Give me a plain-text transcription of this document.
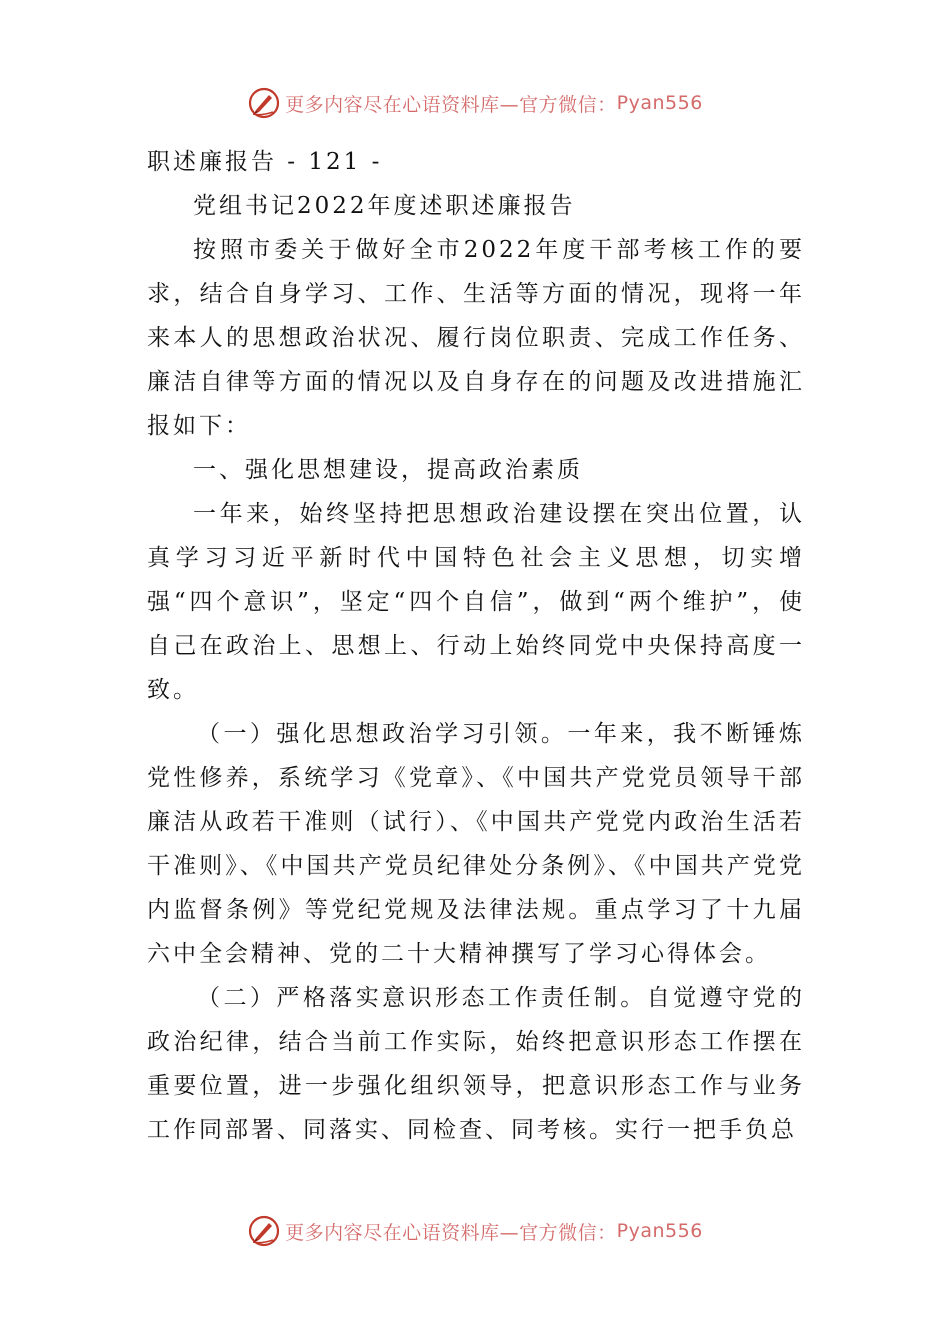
更多内容尽在心语资料库—官方微信： Pyan556

职述廉报告 - 121 -

党组书记2022年度述职述廉报告

按照市委关于做好全市2022年度干部考核工作的要求，结合自身学习、工作、生活等方面的情况，现将一年来本人的思想政治状况、履行岗位职责、完成工作任务、廉洁自律等方面的情况以及自身存在的问题及改进措施汇报如下：

一、强化思想建设，提高政治素质

一年来，始终坚持把思想政治建设摆在突出位置，认真学习习近平新时代中国特色社会主义思想，切实增强“四个意识”，坚定“四个自信”，做到“两个维护”，使自己在政治上、思想上、行动上始终同党中央保持高度一致。

（一）强化思想政治学习引领。一年来，我不断锤炼党性修养，系统学习《党章》、《中国共产党党员领导干部廉洁从政若干准则（试行）、《中国共产党党内政治生活若干准则》、《中国共产党员纪律处分条例》、《中国共产党党内监督条例》等党纪党规及法律法规。重点学习了十九届六中全会精神、党的二十大精神撰写了学习心得体会。

（二）严格落实意识形态工作责任制。自觉遵守党的政治纪律，结合当前工作实际，始终把意识形态工作摆在重要位置，进一步强化组织领导，把意识形态工作与业务工作同部署、同落实、同检查、同考核。实行一把手负总

更多内容尽在心语资料库—官方微信： Pyan556
